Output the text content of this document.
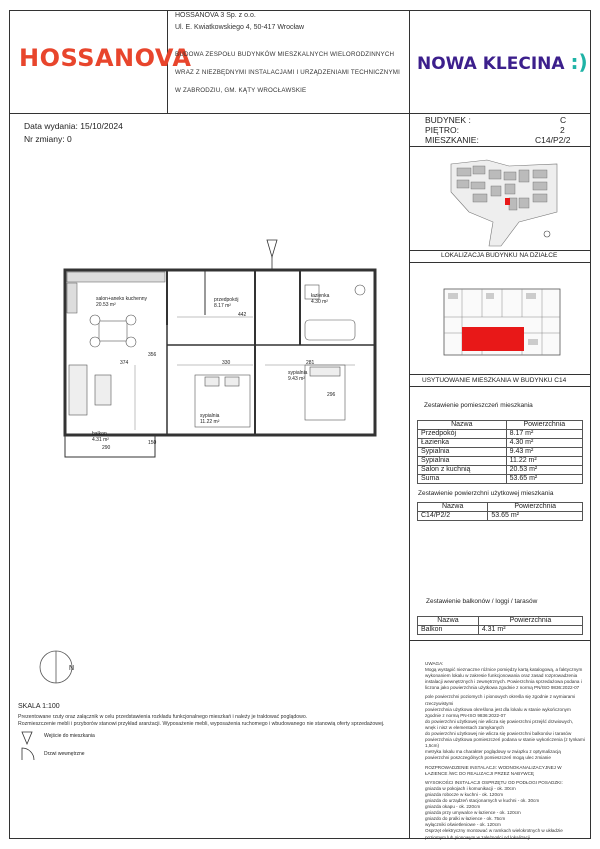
HOSSANOVA
HOSSANOVA 3 Sp. z o.o.
Ul. E. Kwiatkowskiego 4, 50-417 Wrocław
BUDOWA ZESPOŁU BUDYNKÓW MIESZKALNYCH WIELORODZINNYCH
WRAZ Z NIEZBĘDNYMI INSTALACJAMI I URZĄDZENIAMI TECHNICZNYMI
W ZABRODZIU, GM. KĄTY WROCŁAWSKIE
NOWA KLECINA :)
Data wydania: 15/10/2024
Nr zmiany: 0
BUDYNEK :	C
PIĘTRO:	2
MIESZKANIE:	C14/P2/2
LOKALIZACJA BUDYNKU NA DZIAŁCE
USYTUOWANIE MIESZKANIA W BUDYNKU C14
Zestawienie pomieszczeń mieszkania
Nazwa	Powierzchnia
Przedpokój	8.17 m²
Łazienka	4.30 m²
Sypialnia	9.43 m²
Sypialnia	11.22 m²
Salon z kuchnią	20.53 m²
Suma	53.65 m²
Zestawienie powierzchni użytkowej mieszkania
Nazwa	Powierzchnia
C14/P2/2	53.65 m²
Zestawienie balkonów / loggi / tarasów
Nazwa	Powierzchnia
Balkon	4.31 m²
UWAGA:
Mogą wystąpić nieznaczne różnice pomiędzy kartą katalogową, a faktycznym
wykonaniem lokalu w zakresie funkcjonowania oraz zasad rozprowadzenia
instalacji wewnętrznych i zewnętrznych. Powierzchnia sprzedażowa podana i
liczona jako powierzchnia użytkowa zgodnie z normą PN/ISO 9836:2022-07
pole powierzchni poziomych i pionowych określa się zgodnie z wymiarami rzeczywistymi
powierzchnia użytkowa określona jest dla lokalu w stanie wykończonym zgodnie z normą PN-ISO 9836:2022-07
do powierzchni użytkowej nie wlicza się powierzchni przejść drzwiowych, wnęk i nisz w elementach zamykanych
do powierzchni użytkowej nie wlicza się powierzchni balkonów i tarasów
powierzchnia użytkowa pomieszczeń podana w stanie wykończenia (z tynkami 1,5cm)
metryka lokalu ma charakter poglądowy w związku z optymalizacją powierzchni poszczególnych pomieszczeń mogą ulec zmianie
ROZPROWADZENIE INSTALACJI: WODNOKANALIZACYJNEJ W ŁAZIENCE /WC DO REALIZACJI PRZEZ NABYWCĘ
WYSOKOŚCI INSTALACJI OSPRZĘTU OD PODŁOGI POSADZKI:
gniazda w pokojach i komunikacji - ok. 30cm
gniazda robocze w kuchni - ok. 120cm
gniazda do urządzeń stacjonarnych w kuchni - ok. 30cm
gniazda okapu - ok. 220cm
gniazda przy umywalce w łazience - ok. 120cm
gniazdo do pralki w łazience - ok. 75cm
wyłączniki oświetleniowe - ok. 120cm
Osprzęt elektryczny montować w ramkach wielokrotnych w układzie poziomym lub pionowym w zależności od lokalizacji
salon+aneks kuchenny
20.53 m²
przedpokój
8.17 m²
łazienka
4.30 m²
sypialnia
9.43 m²
sypialnia
11.22 m²
balkon
4.31 m²
442
374
356
330	281
296
150
290
N
SKALA 1:100
Prezentowane rzuty oraz załącznik w celu przedstawienia rozkładu funkcjonalnego mieszkań i należy je traktować poglądowo.
Rozmieszczenie mebli i przyborów stanowi przykład aranżacji. Wyposażenie mebli, wyposażenia ruchomego i wbudowanego nie stanowią oferty sprzedażowej.
Wejście do mieszkania
Drzwi wewnętrzne
